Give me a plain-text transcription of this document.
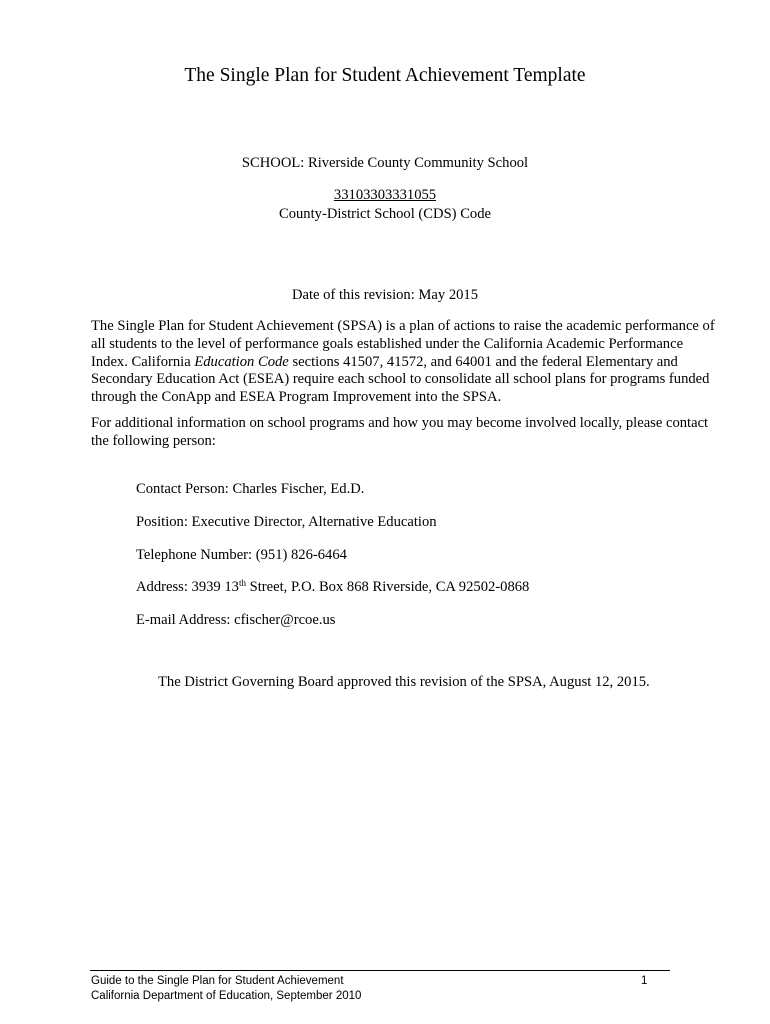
The Single Plan for Student Achievement Template
SCHOOL: Riverside County Community School
33103303331055
County-District School (CDS) Code
Date of this revision: May 2015

The Single Plan for Student Achievement (SPSA) is a plan of actions to raise the academic performance of
all students to the level of performance goals established under the California Academic Performance
Index. California Education Code sections 41507, 41572, and 64001 and the federal Elementary and
Secondary Education Act (ESEA) require each school to consolidate all school plans for programs funded
through the ConApp and ESEA Program Improvement into the SPSA.

For additional information on school programs and how you may become involved locally, please contact
the following person:

Contact Person: Charles Fischer, Ed.D.
Position: Executive Director, Alternative Education
Telephone Number: (951) 826-6464
Address: 3939 13th Street, P.O. Box 868 Riverside, CA 92502-0868
E-mail Address: cfischer@rcoe.us
The District Governing Board approved this revision of the SPSA, August 12, 2015.
Guide to the Single Plan for Student Achievement
California Department of Education, September 2010
1
